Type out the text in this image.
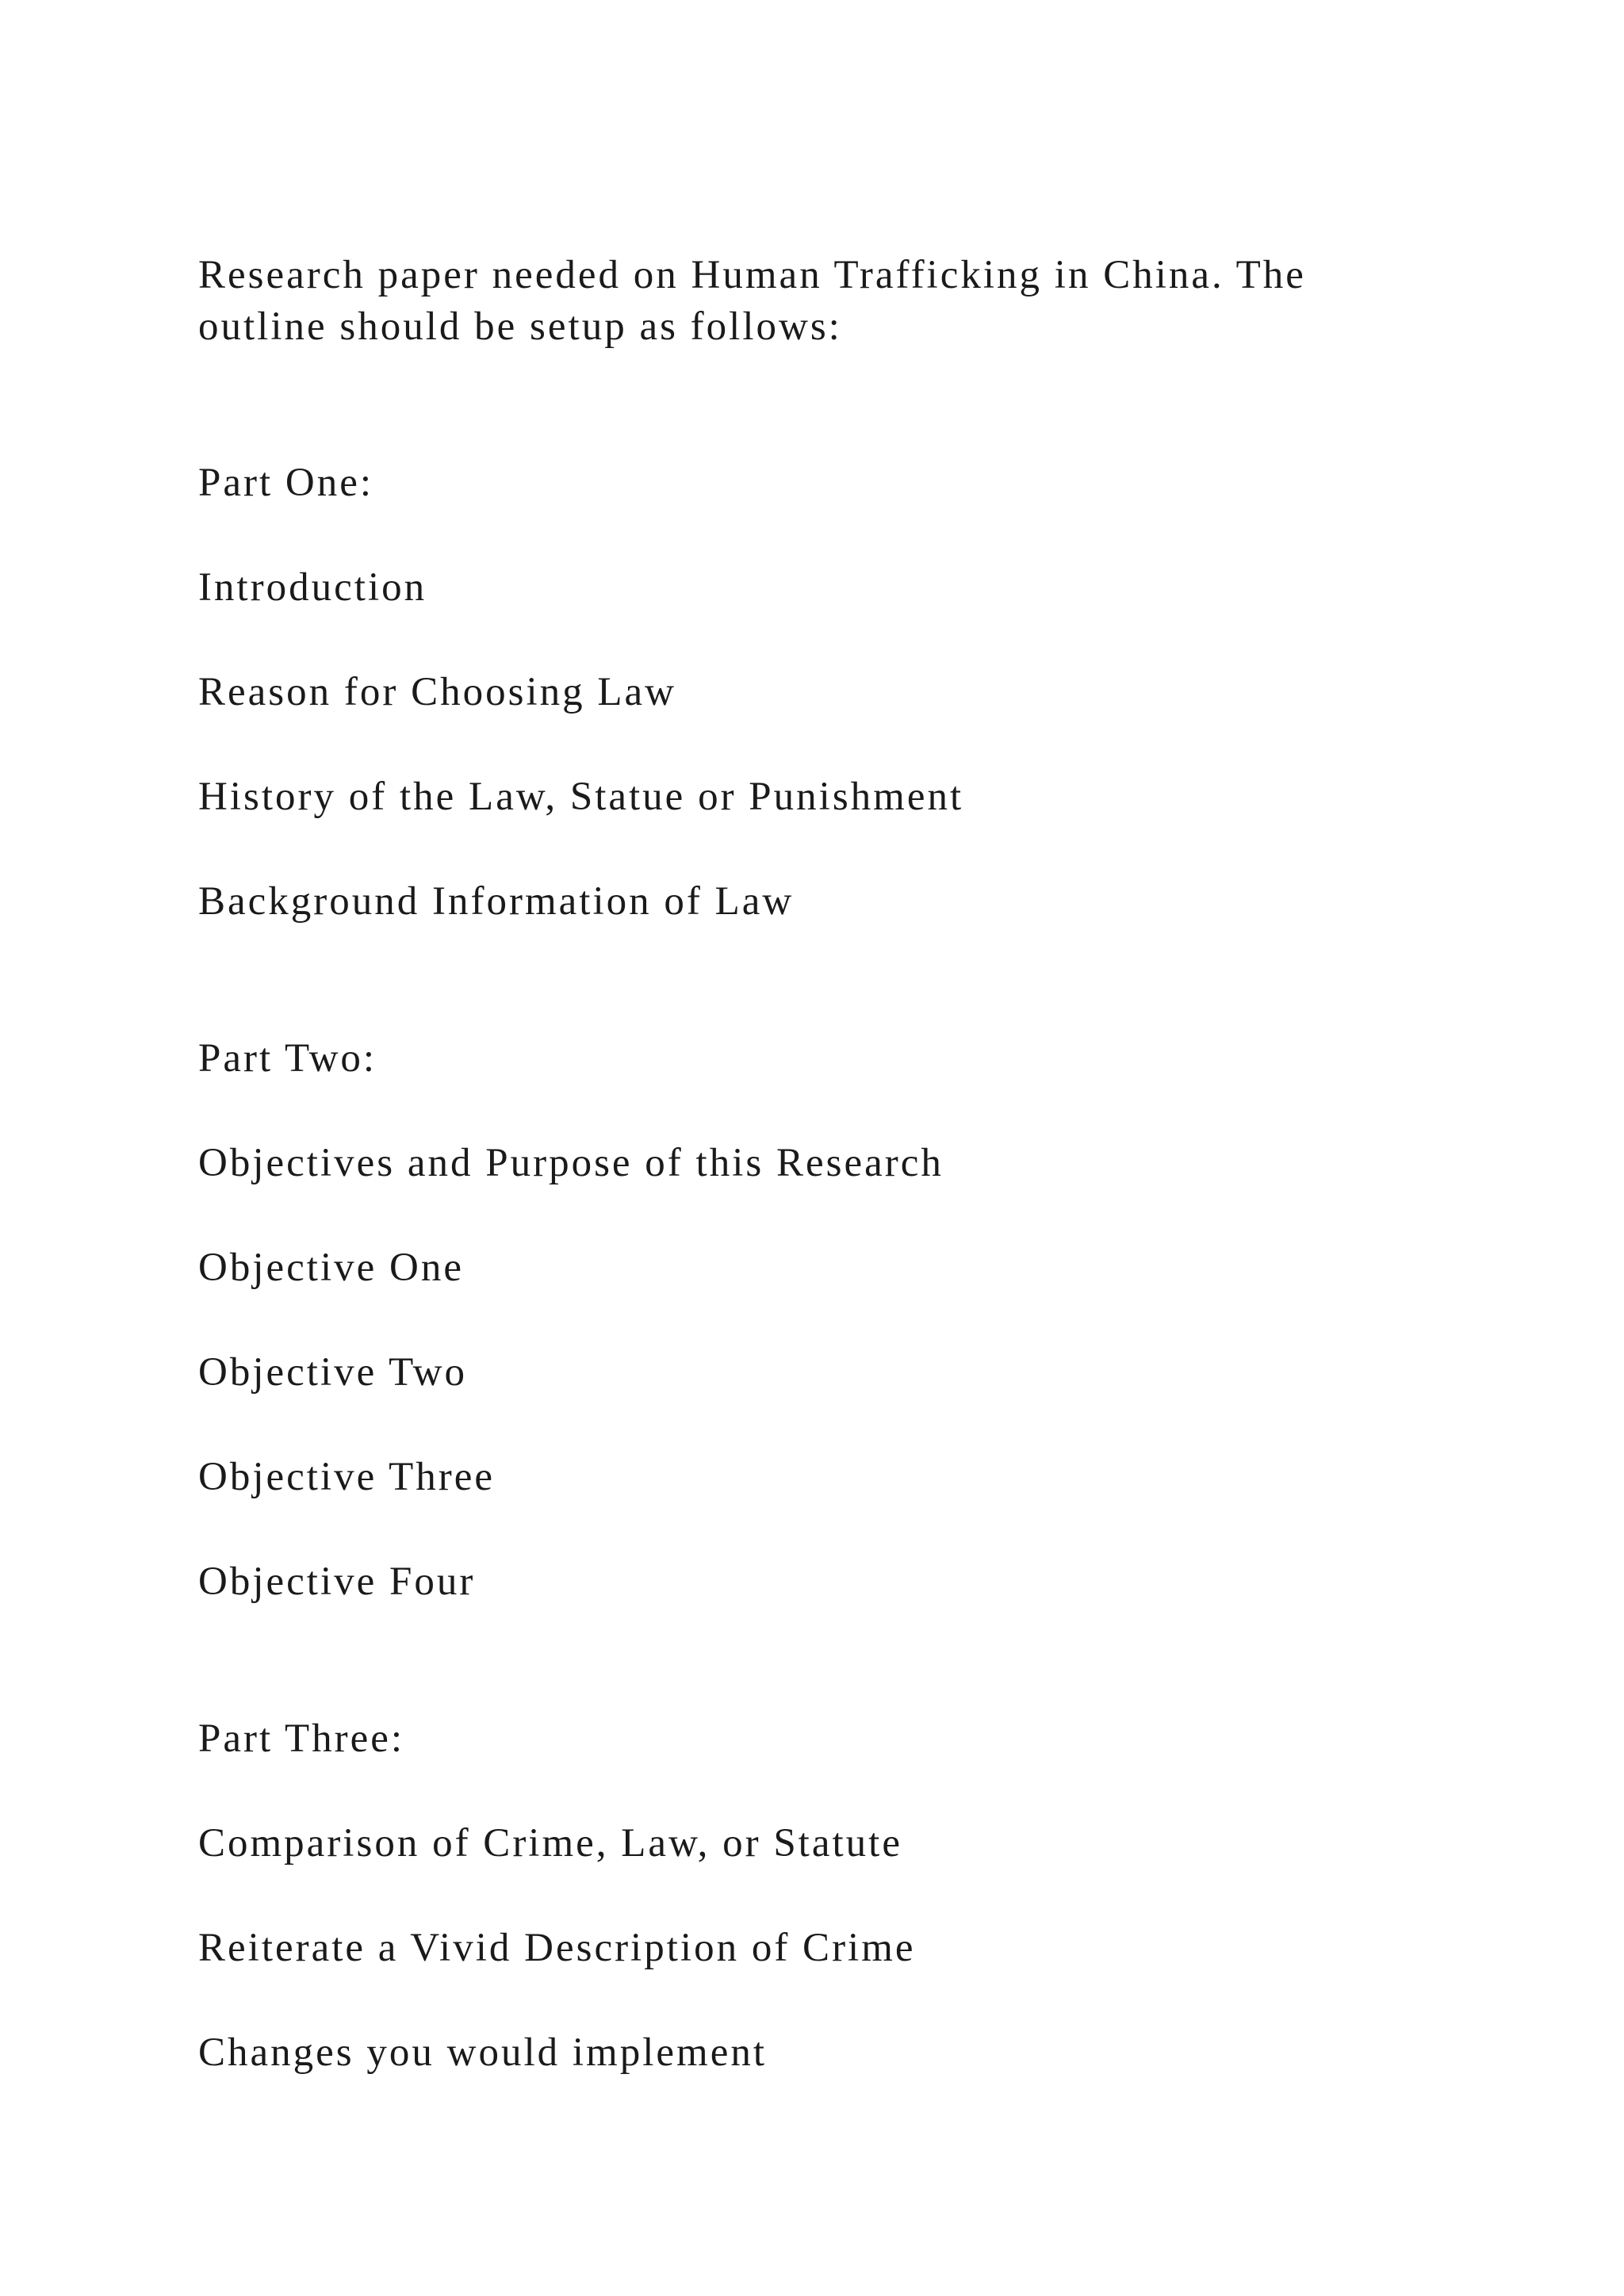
Research paper needed on Human Trafficking in China. The

outline should be setup as follows:

Part One:

Introduction

Reason for Choosing Law

History of the Law, Statue or Punishment

Background Information of Law

Part Two:

Objectives and Purpose of this Research

Objective One

Objective Two

Objective Three

Objective Four

Part Three:

Comparison of Crime, Law, or Statute

Reiterate a Vivid Description of Crime

Changes you would implement
